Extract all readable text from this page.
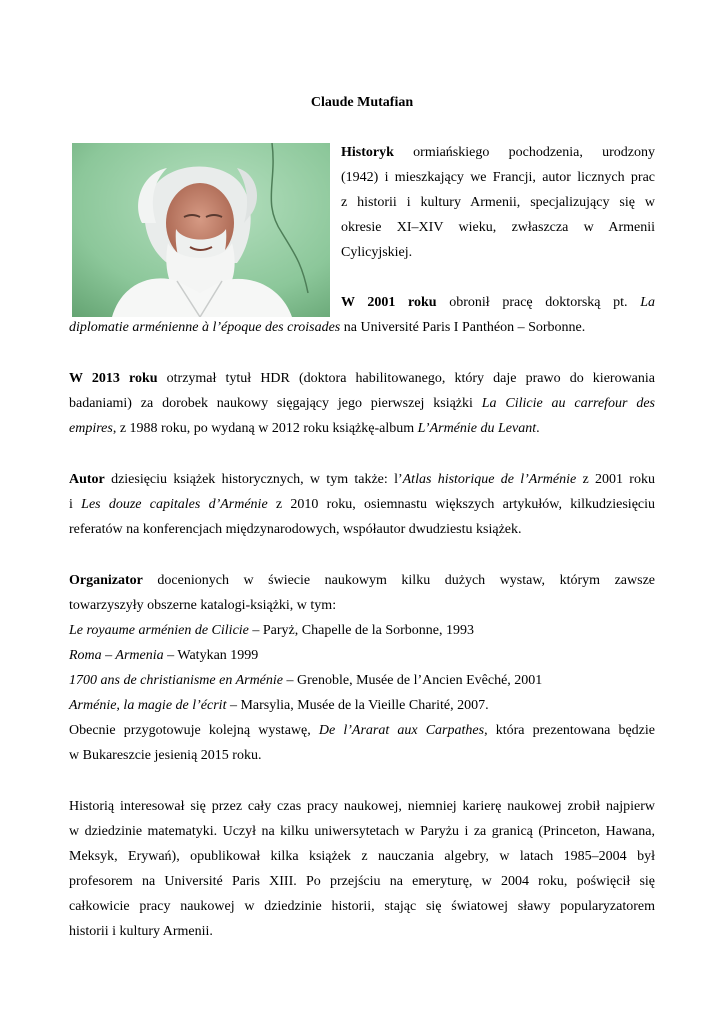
Claude Mutafian
Historyk ormiańskiego pochodzenia, urodzony
(1942) i mieszkający we Francji, autor licznych prac
z historii i kultury Armenii, specjalizujący się w
okresie XI–XIV wieku, zwłaszcza w Armenii
Cylicyjskiej.
W 2001 roku obronił pracę doktorską pt. La
diplomatie arménienne à l’époque des croisades na Université Paris I Panthéon – Sorbonne.
W 2013 roku otrzymał tytuł HDR (doktora habilitowanego, który daje prawo do kierowania
badaniami) za dorobek naukowy sięgający jego pierwszej książki La Cilicie au carrefour des
empires, z 1988 roku, po wydaną w 2012 roku książkę-album L’Arménie du Levant.
Autor dziesięciu książek historycznych, w tym także: l’Atlas historique de l’Arménie z 2001 roku
i Les douze capitales d’Arménie z 2010 roku, osiemnastu większych artykułów, kilkudziesięciu
referatów na konferencjach międzynarodowych, współautor dwudziestu książek.
Organizator docenionych w świecie naukowym kilku dużych wystaw, którym zawsze
towarzyszyły obszerne katalogi-książki, w tym:
Le royaume arménien de Cilicie – Paryż, Chapelle de la Sorbonne, 1993
Roma – Armenia – Watykan 1999
1700 ans de christianisme en Arménie – Grenoble, Musée de l’Ancien Evêché, 2001
Arménie, la magie de l’écrit – Marsylia, Musée de la Vieille Charité, 2007.
Obecnie przygotowuje kolejną wystawę, De l’Ararat aux Carpathes, która prezentowana będzie
w Bukareszcie jesienią 2015 roku.
Historią interesował się przez cały czas pracy naukowej, niemniej karierę naukowej zrobił najpierw
w dziedzinie matematyki. Uczył na kilku uniwersytetach w Paryżu i za granicą (Princeton, Hawana,
Meksyk, Erywań), opublikował kilka książek z nauczania algebry, w latach 1985–2004 był
profesorem na Université Paris XIII. Po przejściu na emeryturę, w 2004 roku, poświęcił się
całkowicie pracy naukowej w dziedzinie historii, stając się światowej sławy popularyzatorem
historii i kultury Armenii.
